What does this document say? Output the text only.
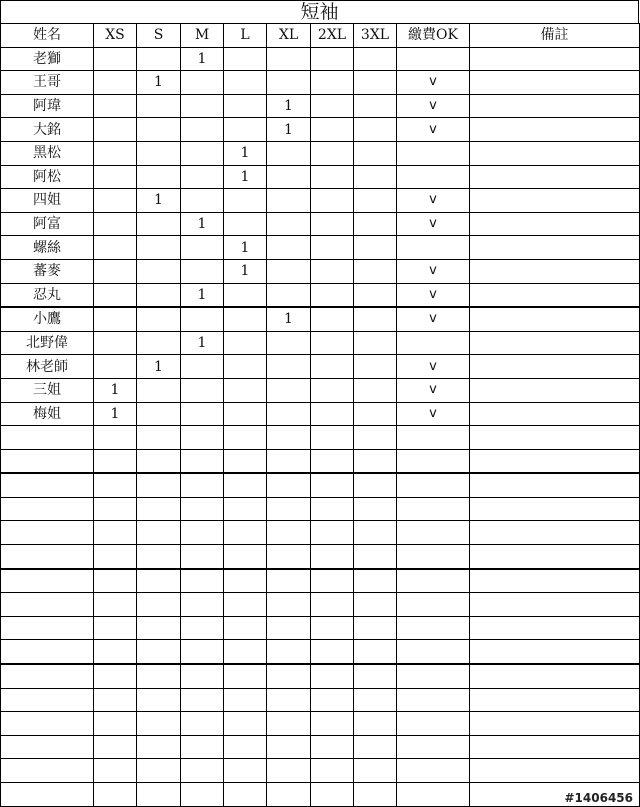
短袖
姓名	XS	S	M	L	XL	2XL	3XL	繳費OK	備註
老獅			1						
王哥		1						v	
阿瑋					1			v	
大銘					1			v	
黑松				1					
阿松				1					
四姐		1						v	
阿富			1					v	
螺絲				1					
蕃麥				1				v	
忍丸			1					v	
小鷹					1			v	
北野偉			1						
林老師		1						v	
三姐	1							v	
梅姐	1							v	

#1406456
